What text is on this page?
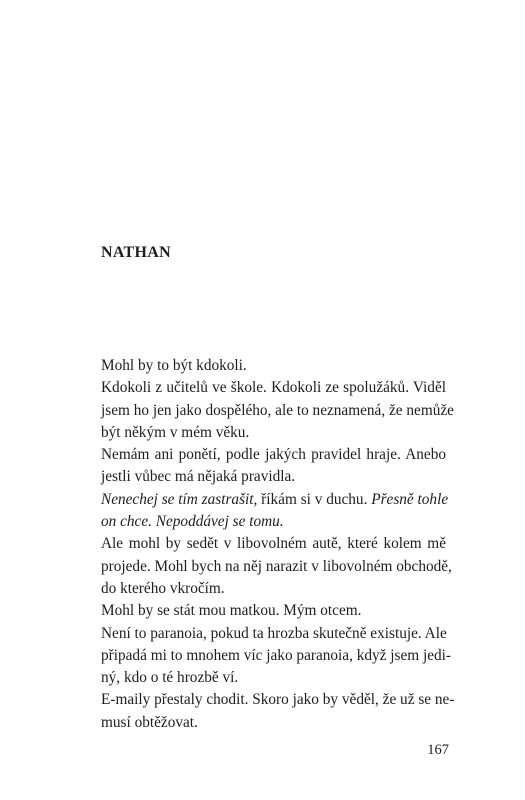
NATHAN

Mohl by to být kdokoli.

Kdokoli z učitelů ve škole. Kdokoli ze spolužáků. Viděl
jsem ho jen jako dospělého, ale to neznamená, že nemůže
být někým v mém věku.

Nemám ani ponětí, podle jakých pravidel hraje. Anebo
jestli vůbec má nějaká pravidla.

Nenechej se tím zastrašit, říkám si v duchu. Přesně tohle
on chce. Nepoddávej se tomu.

Ale mohl by sedět v libovolném autě, které kolem mě
projede. Mohl bych na něj narazit v libovolném obchodě,
do kterého vkročím.

Mohl by se stát mou matkou. Mým otcem.

Není to paranoia, pokud ta hrozba skutečně existuje. Ale
připadá mi to mnohem víc jako paranoia, když jsem jedi-
ný, kdo o té hrozbě ví.

E-maily přestaly chodit. Skoro jako by věděl, že už se ne-
musí obtěžovat.

167
